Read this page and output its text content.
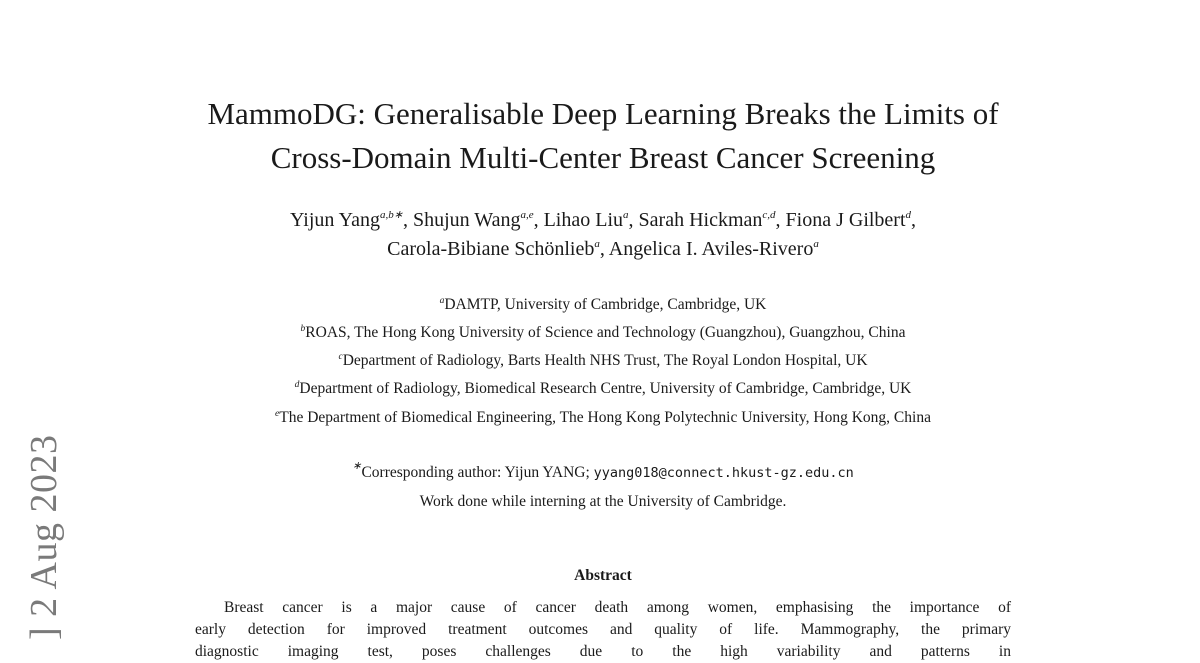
] 2 Aug 2023
MammoDG: Generalisable Deep Learning Breaks the Limits of
Cross-Domain Multi-Center Breast Cancer Screening
Yijun Yang$^{a,b∗}$, Shujun Wang$^{a,e}$, Lihao Liu$^a$, Sarah Hickman$^{c,d}$, Fiona J Gilbert$^d$,
Carola-Bibiane Schönlieb$^a$, Angelica I. Aviles-Rivero$^a$
$^a$DAMTP, University of Cambridge, Cambridge, UK
$^b$ROAS, The Hong Kong University of Science and Technology (Guangzhou), Guangzhou, China
$^c$Department of Radiology, Barts Health NHS Trust, The Royal London Hospital, UK
$^d$Department of Radiology, Biomedical Research Centre, University of Cambridge, Cambridge, UK
$^e$The Department of Biomedical Engineering, The Hong Kong Polytechnic University, Hong Kong, China
∗Corresponding author: Yijun YANG; yyang018@connect.hkust-gz.edu.cn
Work done while interning at the University of Cambridge.
Abstract
Breast cancer is a major cause of cancer death among women, emphasising the importance of
early detection for improved treatment outcomes and quality of life. Mammography, the primary
diagnostic imaging test, poses challenges due to the high variability and patterns in
